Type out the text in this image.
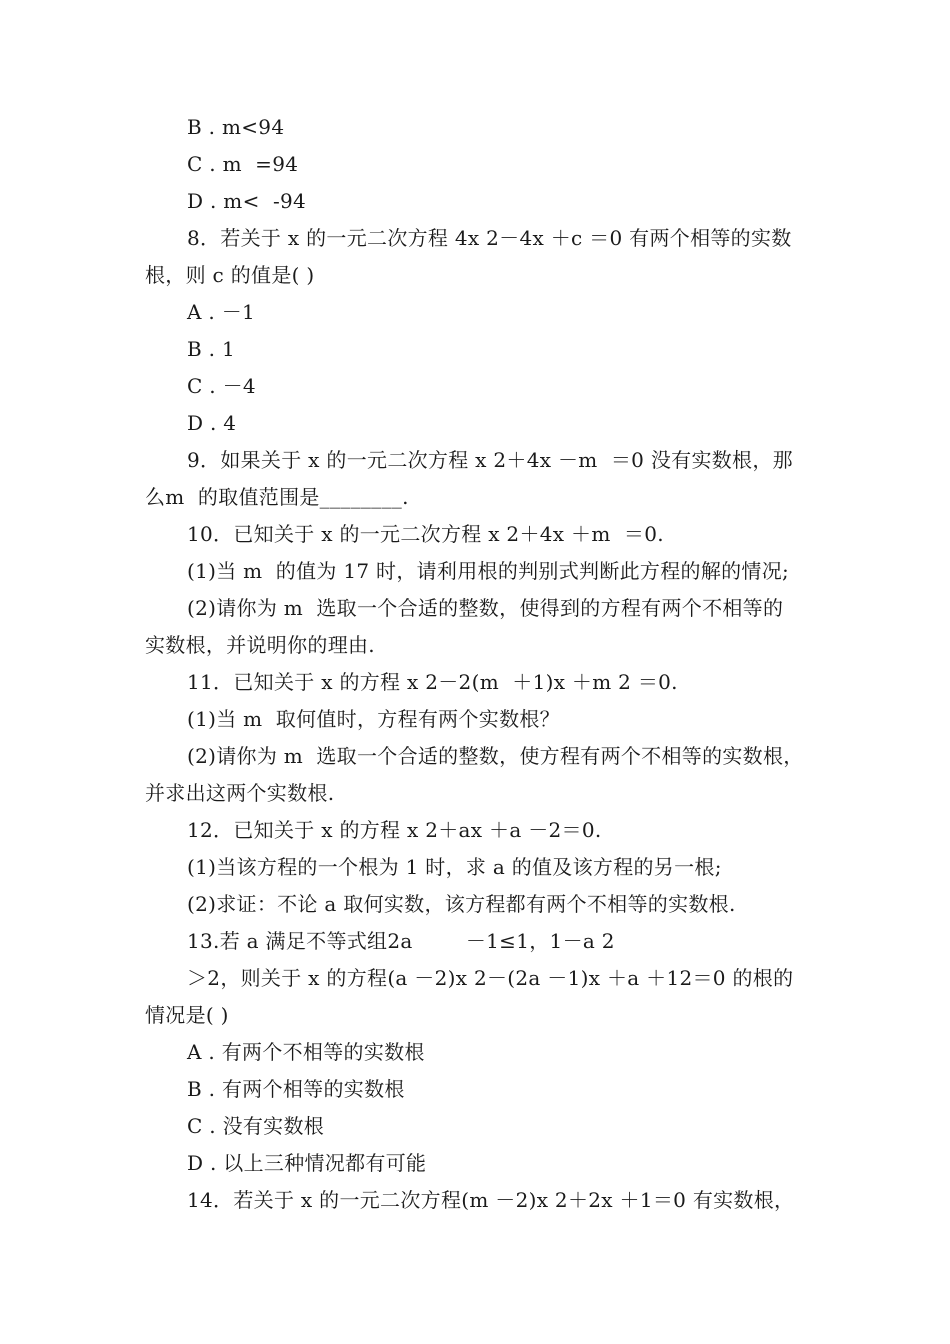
B . m<94
C . m  =94
D . m<  -94
8．若关于 x 的一元二次方程 4x 2－4x ＋c ＝0 有两个相等的实数
根，则 c 的值是( )
A . －1
B . 1
C . －4
D . 4
9．如果关于 x 的一元二次方程 x 2＋4x －m  ＝0 没有实数根，那
么m  的取值范围是________.
10．已知关于 x 的一元二次方程 x 2＋4x ＋m  ＝0.
(1)当 m  的值为 17 时，请利用根的判别式判断此方程的解的情况;
(2)请你为 m  选取一个合适的整数，使得到的方程有两个不相等的
实数根，并说明你的理由.
11．已知关于 x 的方程 x 2－2(m  ＋1)x ＋m 2 ＝0.
(1)当 m  取何值时，方程有两个实数根？
(2)请你为 m  选取一个合适的整数，使方程有两个不相等的实数根，
并求出这两个实数根.
12．已知关于 x 的方程 x 2＋ax ＋a －2＝0.
(1)当该方程的一个根为 1 时，求 a 的值及该方程的另一根;
(2)求证：不论 a 取何实数，该方程都有两个不相等的实数根.
13.若 a 满足不等式组2a        －1≤1，1－a 2
＞2，则关于 x 的方程(a －2)x 2－(2a －1)x ＋a ＋12＝0 的根的
情况是( )
A . 有两个不相等的实数根
B . 有两个相等的实数根
C . 没有实数根
D . 以上三种情况都有可能
14．若关于 x 的一元二次方程(m －2)x 2＋2x ＋1＝0 有实数根，
